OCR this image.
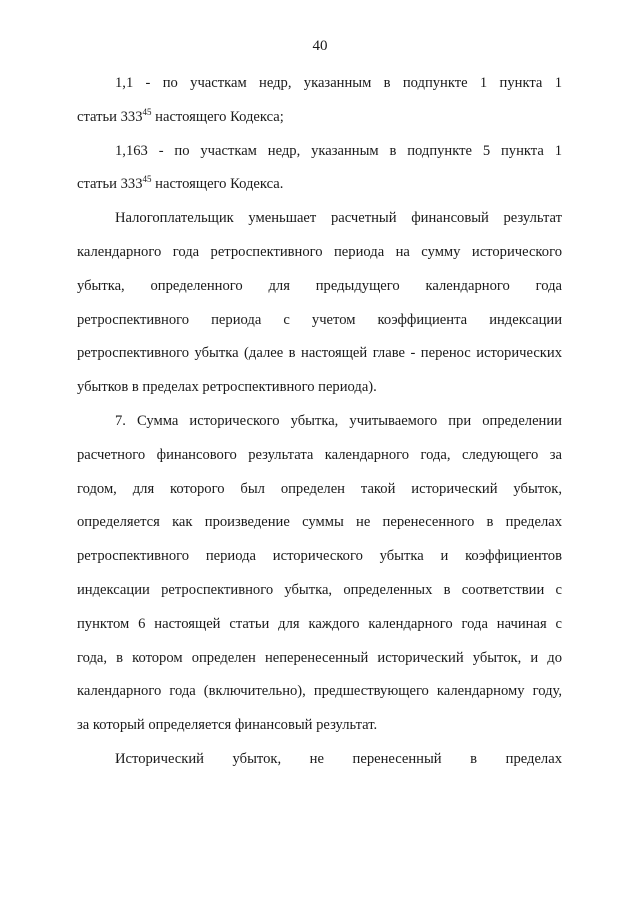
40
1,1 - по участкам недр, указанным в подпункте 1 пункта 1
статьи $333^{45}$ настоящего Кодекса;
1,163 - по участкам недр, указанным в подпункте 5 пункта 1
статьи $333^{45}$ настоящего Кодекса.
Налогоплательщик уменьшает расчетный финансовый результат
календарного года ретроспективного периода на сумму исторического
убытка, определенного для предыдущего календарного года
ретроспективного периода с учетом коэффициента индексации
ретроспективного убытка (далее в настоящей главе - перенос исторических
убытков в пределах ретроспективного периода).
7. Сумма исторического убытка, учитываемого при определении
расчетного финансового результата календарного года, следующего за
годом, для которого был определен такой исторический убыток,
определяется как произведение суммы не перенесенного в пределах
ретроспективного периода исторического убытка и коэффициентов
индексации ретроспективного убытка, определенных в соответствии с
пунктом 6 настоящей статьи для каждого календарного года начиная с
года, в котором определен неперенесенный исторический убыток, и до
календарного года (включительно), предшествующего календарному году,
за который определяется финансовый результат.
Исторический убыток, не перенесенный в пределах
